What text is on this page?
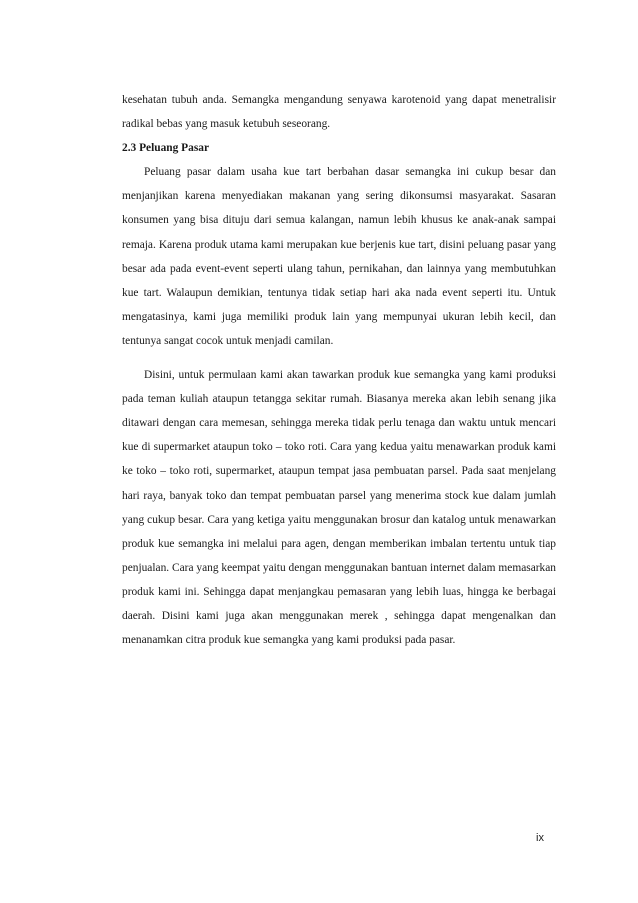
kesehatan tubuh anda. Semangka mengandung senyawa karotenoid yang dapat menetralisir radikal bebas yang masuk ketubuh seseorang.

2.3 Peluang Pasar

Peluang pasar dalam usaha kue tart berbahan dasar semangka ini cukup besar dan menjanjikan karena menyediakan makanan yang sering dikonsumsi masyarakat. Sasaran konsumen yang bisa dituju dari semua kalangan, namun lebih khusus ke anak-anak sampai remaja. Karena produk utama kami merupakan kue berjenis kue tart, disini peluang pasar yang besar ada pada event-event seperti ulang tahun, pernikahan, dan lainnya yang membutuhkan kue tart. Walaupun demikian, tentunya tidak setiap hari aka nada event seperti itu. Untuk mengatasinya, kami juga memiliki produk lain yang mempunyai ukuran lebih kecil, dan tentunya sangat cocok untuk menjadi camilan.

Disini, untuk permulaan kami akan tawarkan produk kue semangka yang kami produksi pada teman kuliah ataupun tetangga sekitar rumah. Biasanya mereka akan lebih senang jika ditawari dengan cara memesan, sehingga mereka tidak perlu tenaga dan waktu untuk mencari kue di supermarket ataupun toko – toko roti. Cara yang kedua yaitu menawarkan produk kami ke toko – toko roti, supermarket, ataupun tempat jasa pembuatan parsel. Pada saat menjelang hari raya, banyak toko dan tempat pembuatan parsel yang menerima stock kue dalam jumlah yang cukup besar. Cara yang ketiga yaitu menggunakan brosur dan katalog untuk menawarkan produk kue semangka ini melalui para agen, dengan memberikan imbalan tertentu untuk tiap penjualan. Cara yang keempat yaitu dengan menggunakan bantuan internet dalam memasarkan produk kami ini. Sehingga dapat menjangkau pemasaran yang lebih luas, hingga ke berbagai daerah. Disini kami juga akan menggunakan merek , sehingga dapat mengenalkan dan menanamkan citra produk kue semangka yang kami produksi pada pasar.

ix
